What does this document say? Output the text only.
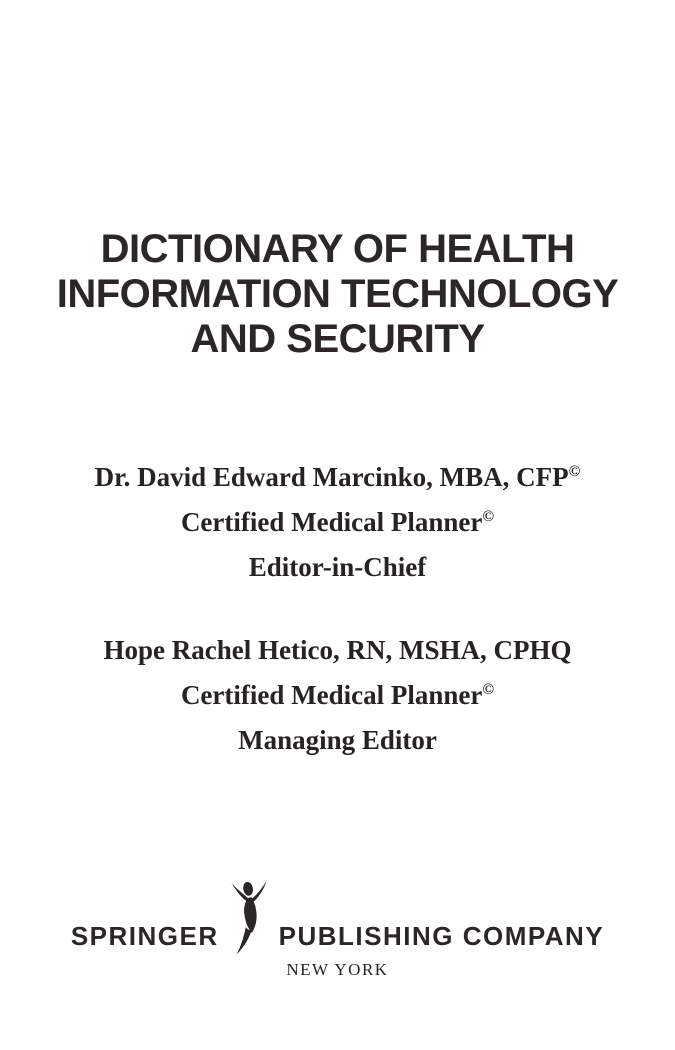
DICTIONARY OF HEALTH
INFORMATION TECHNOLOGY
AND SECURITY
Dr. David Edward Marcinko, MBA, CFP©
Certified Medical Planner©
Editor-in-Chief
Hope Rachel Hetico, RN, MSHA, CPHQ
Certified Medical Planner©
Managing Editor
SPRINGER PUBLISHING COMPANY
NEW YORK
